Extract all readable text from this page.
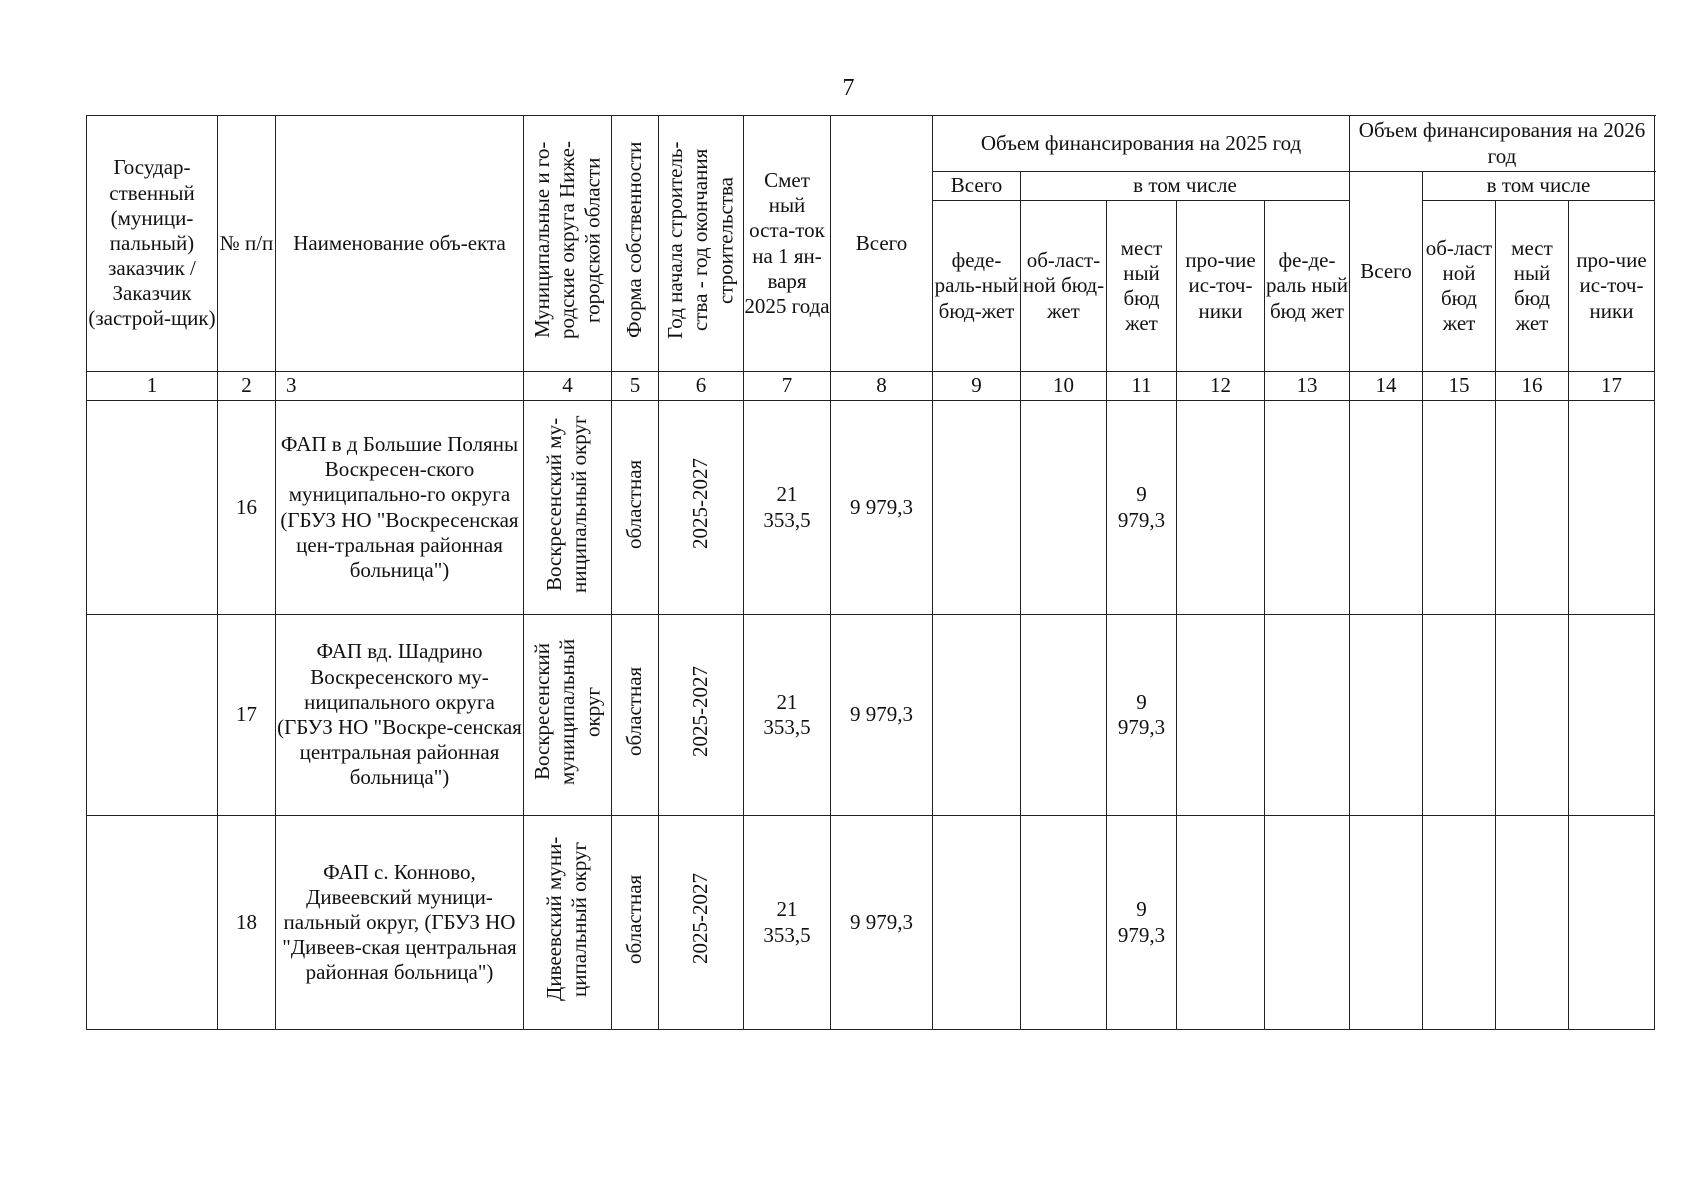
7
Государ-ственный (муници-пальный) заказчик / Заказчик (застрой-щик)	№ п/п	Наименование объ-екта	Муниципальные и го-родские округа Ниже-городской области	Форма собственности	Год начала строитель-ства - год окончания строительства	Смет ный оста-ток на 1 ян-варя 2025 года	Всего	Объем финансирования на 2025 год					Объем финансирования на 2026 год				
								Всего	в том числе				Всего	в том числе			
								феде-раль-ный бюд-жет	об-ласт-ной бюд-жет	мест ный бюд жет	про-чие ис-точ-ники	фе-де-раль ный бюд жет		об-ласт ной бюд жет	мест ный бюд жет	про-чие ис-точ-ники	
1	2	3	4	5	6	7	8	9	10	11	12	13	14	15	16	17	
	16	ФАП в д Большие Поляны Воскресен-ского муниципально-го округа (ГБУЗ НО "Воскресенская цен-тральная районная больница")	Воскресенский му-ниципальный округ	областная	2025-2027	21 353,5	9 979,3			9 979,3							
	17	ФАП вд. Шадрино Воскресенского му-ниципального округа (ГБУЗ НО "Воскре-сенская центральная районная больница")	Воскресенский муниципальный округ	областная	2025-2027	21 353,5	9 979,3			9 979,3							
	18	ФАП с. Конново, Дивеевский муници-пальный округ, (ГБУЗ НО "Дивеев-ская центральная районная больница")	Дивеевский муни-ципальный округ	областная	2025-2027	21 353,5	9 979,3			9 979,3							
